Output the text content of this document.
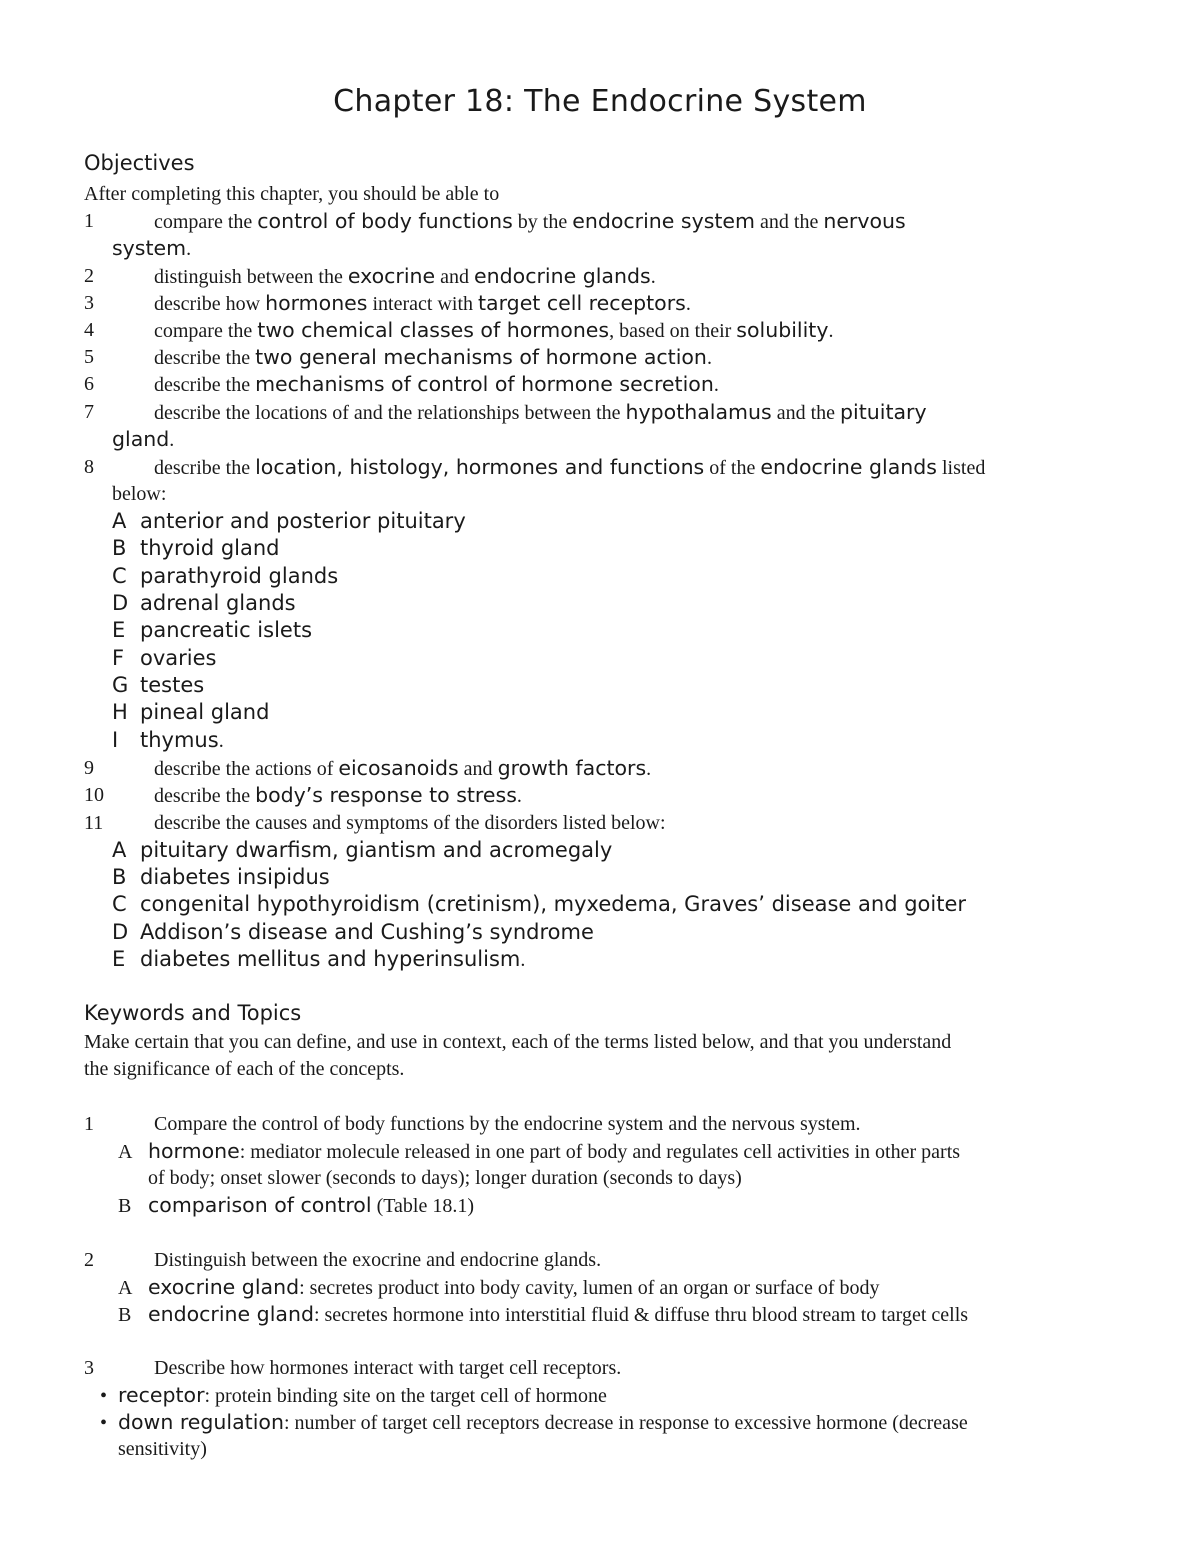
Chapter 18: The Endocrine System
Objectives
After completing this chapter, you should be able to
1	compare the control of body functions by the endocrine system and the nervous
system.
2	distinguish between the exocrine and endocrine glands.
3	describe how hormones interact with target cell receptors.
4	compare the two chemical classes of hormones, based on their solubility.
5	describe the two general mechanisms of hormone action.
6	describe the mechanisms of control of hormone secretion.
7	describe the locations of and the relationships between the hypothalamus and the pituitary
gland.
8	describe the location, histology, hormones and functions of the endocrine glands listed
below:
A anterior and posterior pituitary
B thyroid gland
C parathyroid glands
D adrenal glands
E pancreatic islets
F ovaries
G testes
H pineal gland
I thymus.
9	describe the actions of eicosanoids and growth factors.
10	describe the body’s response to stress.
11	describe the causes and symptoms of the disorders listed below:
A pituitary dwarfism, giantism and acromegaly
B diabetes insipidus
C congenital hypothyroidism (cretinism), myxedema, Graves’ disease and goiter
D Addison’s disease and Cushing’s syndrome
E diabetes mellitus and hyperinsulism.
Keywords and Topics
Make certain that you can define, and use in context, each of the terms listed below, and that you understand
the significance of each of the concepts.
1	Compare the control of body functions by the endocrine system and the nervous system.
A hormone: mediator molecule released in one part of body and regulates cell activities in other parts
of body; onset slower (seconds to days); longer duration (seconds to days)
B comparison of control (Table 18.1)
2	Distinguish between the exocrine and endocrine glands.
A exocrine gland: secretes product into body cavity, lumen of an organ or surface of body
B endocrine gland: secretes hormone into interstitial fluid & diffuse thru blood stream to target cells
3	Describe how hormones interact with target cell receptors.
• receptor: protein binding site on the target cell of hormone
• down regulation: number of target cell receptors decrease in response to excessive hormone (decrease
sensitivity)
